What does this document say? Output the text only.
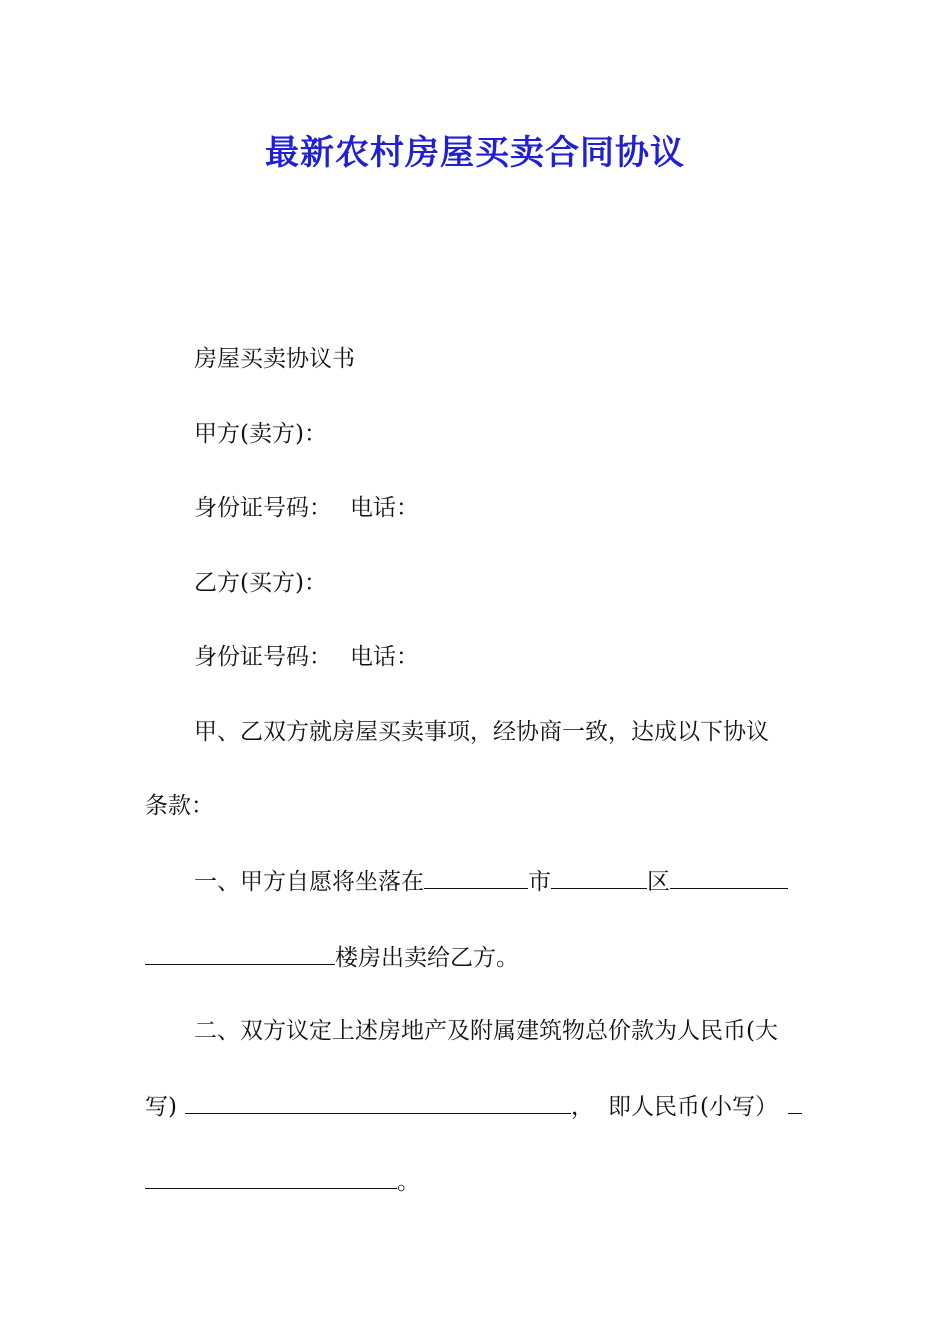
最新农村房屋买卖合同协议
房屋买卖协议书
甲方(卖方)：
身份证号码： 电话：
乙方(买方)：
身份证号码： 电话：
甲、乙双方就房屋买卖事项，经协商一致，达成以下协议
条款：
一、甲方自愿将坐落在	市	区
楼房出卖给乙方。
二、双方议定上述房地产及附属建筑物总价款为人民币(大
写)	， 即人民币(小写）
。
